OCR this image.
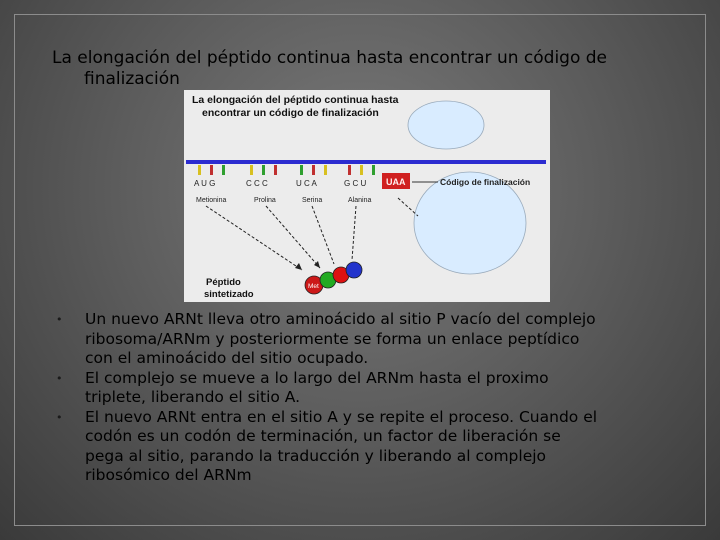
La elongación del péptido continua hasta encontrar un código de
finalización
La elongación del péptido continua hasta
encontrar un código de finalización
A U G	C C C	U C A	G C U UAA	Código de finalización
Metionina	Prolina	Serina	Alanina
Met
Péptido
sintetizado
• Un nuevo ARNt lleva otro aminoácido al sitio P vacío del complejo
ribosoma/ARNm y posteriormente se forma un enlace peptídico
con el aminoácido del sitio ocupado.
• El complejo se mueve a lo largo del ARNm hasta el proximo
triplete, liberando el sitio A.
• El nuevo ARNt entra en el sitio A y se repite el proceso. Cuando el
codón es un codón de terminación, un factor de liberación se
pega al sitio, parando la traducción y liberando al complejo
ribosómico del ARNm
